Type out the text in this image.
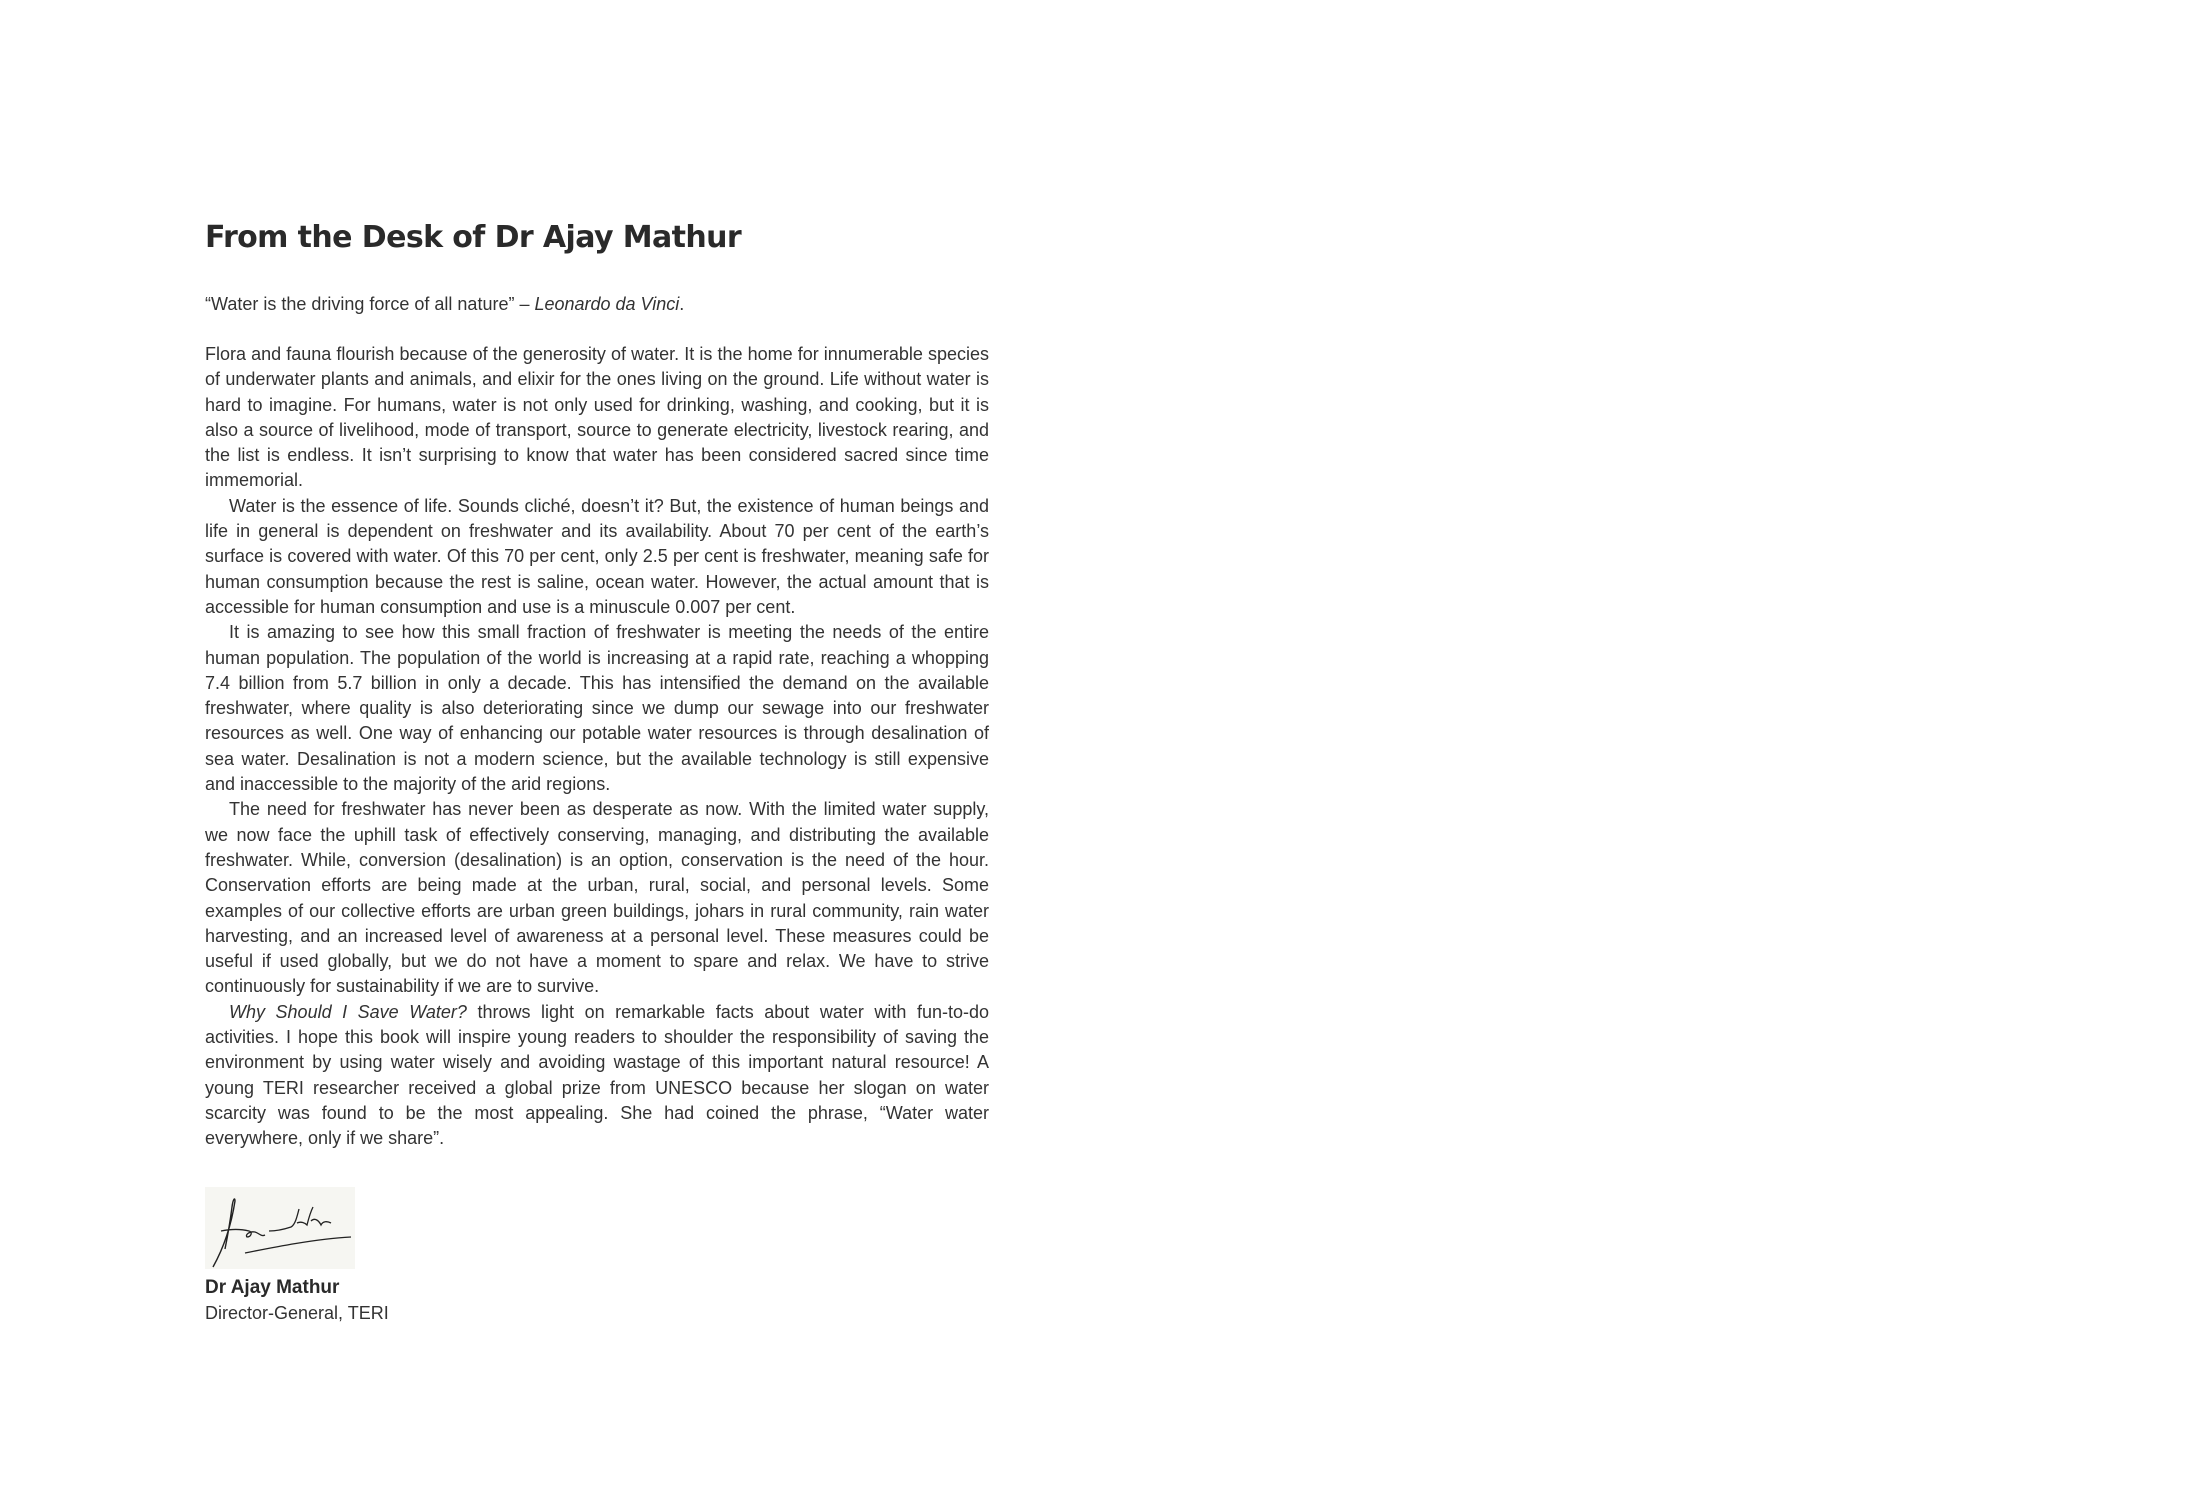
From the Desk of Dr Ajay Mathur
“Water is the driving force of all nature” – Leonardo da Vinci.

Flora and fauna flourish because of the generosity of water. It is the home for innumerable species of underwater plants and animals, and elixir for the ones living on the ground. Life without water is hard to imagine. For humans, water is not only used for drinking, washing, and cooking, but it is also a source of livelihood, mode of transport, source to generate electricity, livestock rearing, and the list is endless. It isn’t surprising to know that water has been considered sacred since time immemorial.

Water is the essence of life. Sounds cliché, doesn’t it? But, the existence of human beings and life in general is dependent on freshwater and its availability. About 70 per cent of the earth’s surface is covered with water. Of this 70 per cent, only 2.5 per cent is freshwater, meaning safe for human consumption because the rest is saline, ocean water. However, the actual amount that is accessible for human consumption and use is a minuscule 0.007 per cent.

It is amazing to see how this small fraction of freshwater is meeting the needs of the entire human population. The population of the world is increasing at a rapid rate, reaching a whopping 7.4 billion from 5.7 billion in only a decade. This has intensified the demand on the available freshwater, where quality is also deteriorating since we dump our sewage into our freshwater resources as well. One way of enhancing our potable water resources is through desalination of sea water. Desalination is not a modern science, but the available technology is still expensive and inaccessible to the majority of the arid regions.

The need for freshwater has never been as desperate as now. With the limited water supply, we now face the uphill task of effectively conserving, managing, and distributing the available freshwater. While, conversion (desalination) is an option, conservation is the need of the hour. Conservation efforts are being made at the urban, rural, social, and personal levels. Some examples of our collective efforts are urban green buildings, johars in rural community, rain water harvesting, and an increased level of awareness at a personal level. These measures could be useful if used globally, but we do not have a moment to spare and relax. We have to strive continuously for sustainability if we are to survive.

Why Should I Save Water? throws light on remarkable facts about water with fun-to-do activities. I hope this book will inspire young readers to shoulder the responsibility of saving the environment by using water wisely and avoiding wastage of this important natural resource! A young TERI researcher received a global prize from UNESCO because her slogan on water scarcity was found to be the most appealing. She had coined the phrase, “Water water everywhere, only if we share”.

Dr Ajay Mathur
Director-General, TERI
